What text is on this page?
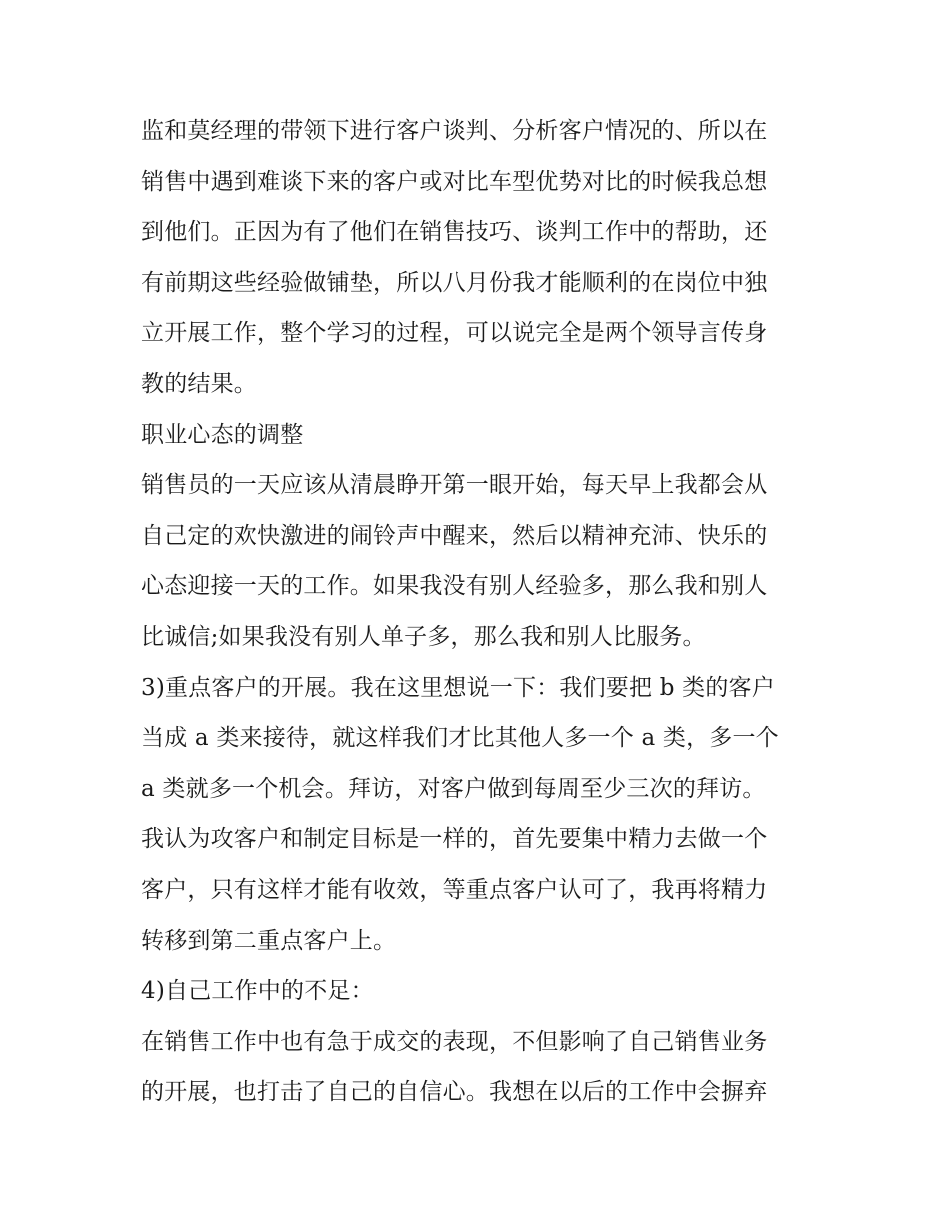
监和莫经理的带领下进行客户谈判、分析客户情况的、所以在
销售中遇到难谈下来的客户或对比车型优势对比的时候我总想
到他们。正因为有了他们在销售技巧、谈判工作中的帮助，还
有前期这些经验做铺垫，所以八月份我才能顺利的在岗位中独
立开展工作，整个学习的过程，可以说完全是两个领导言传身
教的结果。
职业心态的调整
销售员的一天应该从清晨睁开第一眼开始，每天早上我都会从
自己定的欢快激进的闹铃声中醒来，然后以精神充沛、快乐的
心态迎接一天的工作。如果我没有别人经验多，那么我和别人
比诚信;如果我没有别人单子多，那么我和别人比服务。
3)重点客户的开展。我在这里想说一下：我们要把 b 类的客户
当成 a 类来接待，就这样我们才比其他人多一个 a 类，多一个
a 类就多一个机会。拜访，对客户做到每周至少三次的拜访。
我认为攻客户和制定目标是一样的，首先要集中精力去做一个
客户，只有这样才能有收效，等重点客户认可了，我再将精力
转移到第二重点客户上。
4)自己工作中的不足：
在销售工作中也有急于成交的表现，不但影响了自己销售业务
的开展，也打击了自己的自信心。我想在以后的工作中会摒弃
